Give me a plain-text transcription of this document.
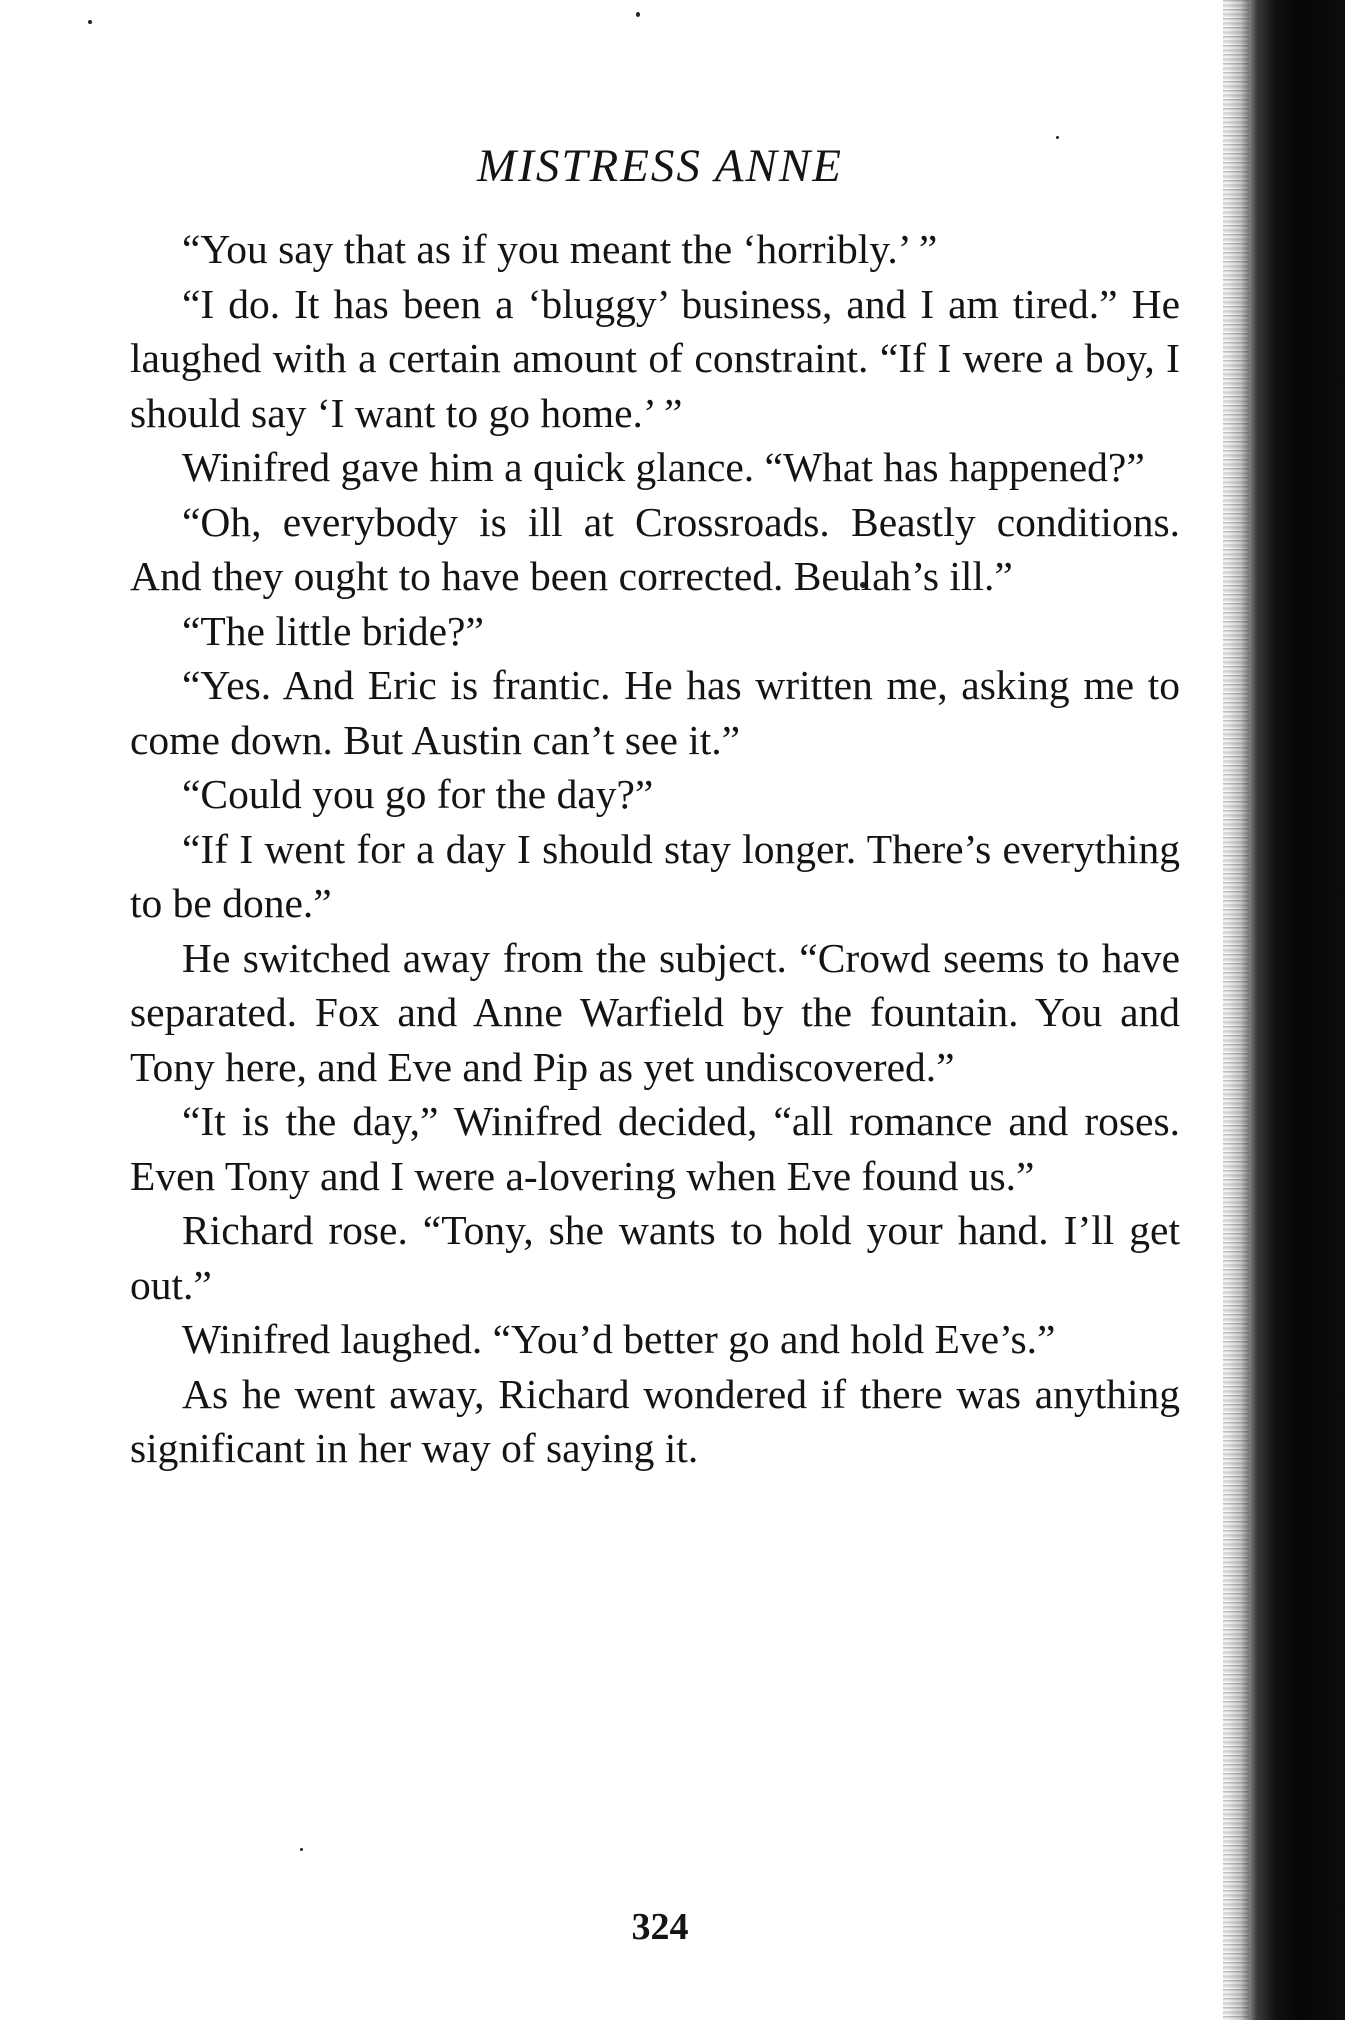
MISTRESS ANNE

“You say that as if you meant the ‘horribly.’ ”

“I do. It has been a ‘bluggy’ business, and I am tired.” He laughed with a certain amount of constraint. “If I were a boy, I should say ‘I want to go home.’ ”

Winifred gave him a quick glance. “What has happened?”

“Oh, everybody is ill at Crossroads. Beastly conditions. And they ought to have been corrected. Beulah’s ill.”

“The little bride?”

“Yes. And Eric is frantic. He has written me, asking me to come down. But Austin can’t see it.”

“Could you go for the day?”

“If I went for a day I should stay longer. There’s everything to be done.”

He switched away from the subject. “Crowd seems to have separated. Fox and Anne Warfield by the fountain. You and Tony here, and Eve and Pip as yet undiscovered.”

“It is the day,” Winifred decided, “all romance and roses. Even Tony and I were a-lovering when Eve found us.”

Richard rose. “Tony, she wants to hold your hand. I’ll get out.”

Winifred laughed. “You’d better go and hold Eve’s.”

As he went away, Richard wondered if there was anything significant in her way of saying it.

324
